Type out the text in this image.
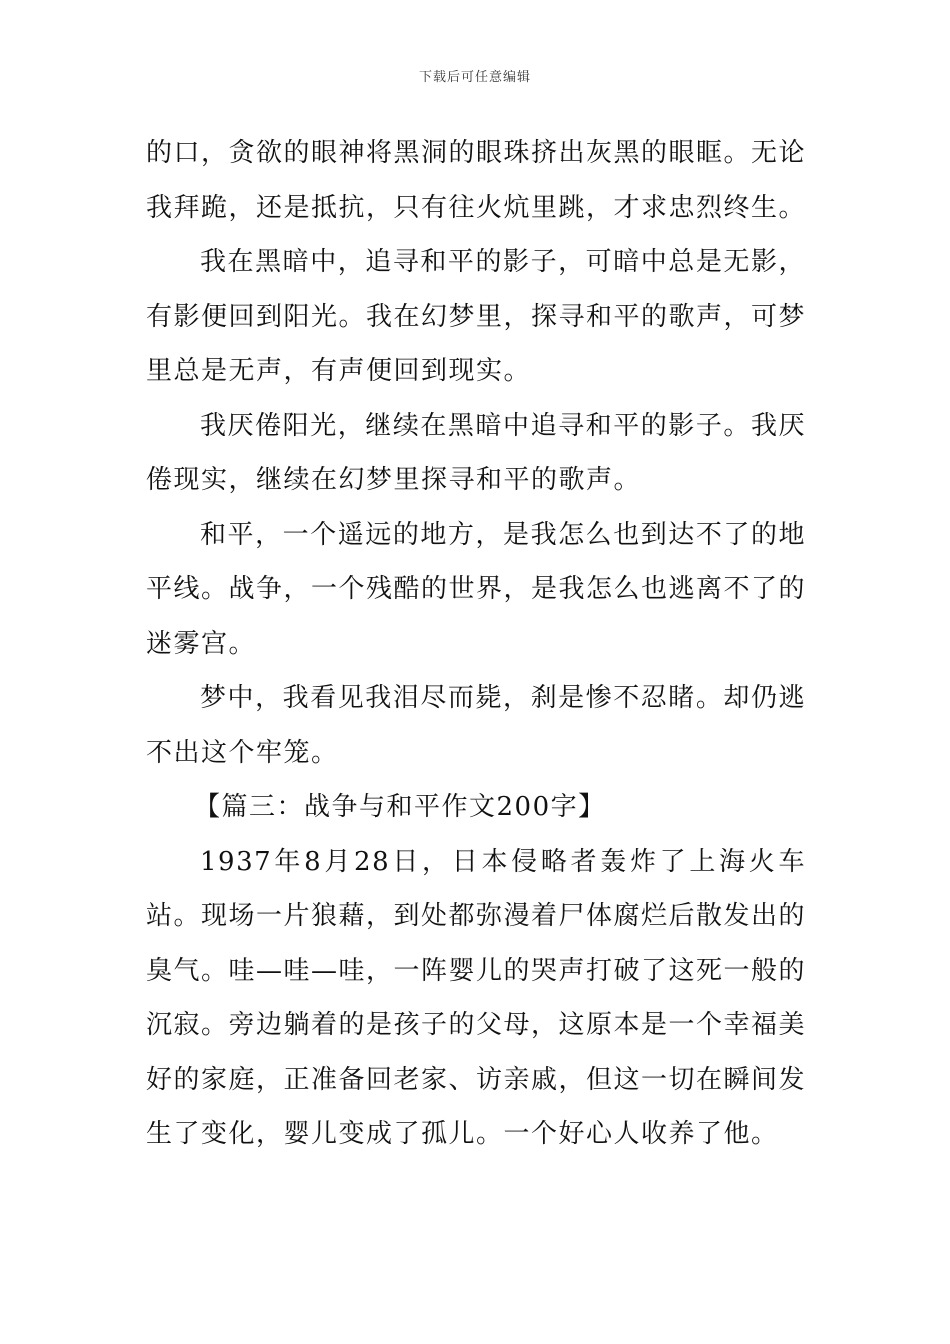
下载后可任意编辑

的口，贪欲的眼神将黑洞的眼珠挤出灰黑的眼眶。无论我拜跪，还是抵抗，只有往火炕里跳，才求忠烈终生。

我在黑暗中，追寻和平的影子，可暗中总是无影，有影便回到阳光。我在幻梦里，探寻和平的歌声，可梦里总是无声，有声便回到现实。

我厌倦阳光，继续在黑暗中追寻和平的影子。我厌倦现实，继续在幻梦里探寻和平的歌声。

和平，一个遥远的地方，是我怎么也到达不了的地平线。战争，一个残酷的世界，是我怎么也逃离不了的迷雾宫。

梦中，我看见我泪尽而毙，刹是惨不忍睹。却仍逃不出这个牢笼。

【篇三：战争与和平作文200字】

1937年8月28日，日本侵略者轰炸了上海火车站。现场一片狼藉，到处都弥漫着尸体腐烂后散发出的臭气。哇—哇—哇，一阵婴儿的哭声打破了这死一般的沉寂。旁边躺着的是孩子的父母，这原本是一个幸福美好的家庭，正准备回老家、访亲戚，但这一切在瞬间发生了变化，婴儿变成了孤儿。一个好心人收养了他。
